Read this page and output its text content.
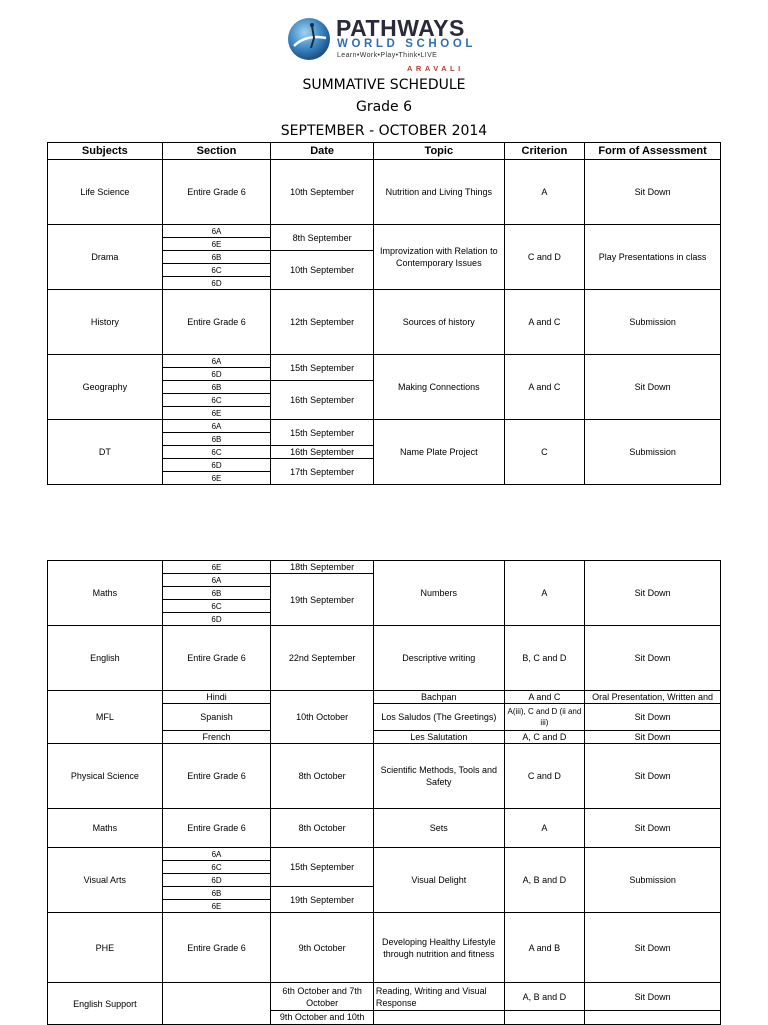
PATHWAYS
WORLD SCHOOL
Learn•Work•Play•Think•LIVE
ARAVALI
SUMMATIVE SCHEDULE
Grade 6
SEPTEMBER - OCTOBER 2014
Subjects	Section	Date	Topic	Criterion	Form of Assessment
Life Science	Entire Grade 6	10th September	Nutrition and Living Things	A	Sit Down
Drama	6A	8th September	Improvization with Relation to Contemporary Issues	C and D	Play Presentations in class
	6E				
	6B	10th September			
	6C				
	6D				
History	Entire Grade 6	12th September	Sources of history	A and C	Submission
Geography	6A	15th September	Making Connections	A and C	Sit Down
	6D				
	6B	16th September			
	6C				
	6E				
DT	6A	15th September	Name Plate Project	C	Submission
	6B				
	6C	16th September			
	6D	17th September			
	6E				
Maths	6E	18th September	Numbers	A	Sit Down
	6A	19th September			
	6B				
	6C				
	6D				
English	Entire Grade 6	22nd September	Descriptive writing	B, C and D	Sit Down
MFL	Hindi	10th October	Bachpan	A and C	Oral Presentation, Written and
	Spanish		Los Saludos (The Greetings)	A(iii), C and D (ii and iii)	Sit Down
	French		Les Salutation	A, C and D	Sit Down
Physical Science	Entire Grade 6	8th October	Scientific Methods, Tools and Safety	C and D	Sit Down
Maths	Entire Grade 6	8th October	Sets	A	Sit Down
Visual Arts	6A	15th September	Visual Delight	A, B and D	Submission
	6C				
	6D				
	6B	19th September			
	6E				
PHE	Entire Grade 6	9th October	Developing Healthy Lifestyle through nutrition and fitness	A and B	Sit Down
English Support		6th October and 7th October	Reading, Writing and Visual Response	A, B and D	Sit Down
		9th October and 10th			
